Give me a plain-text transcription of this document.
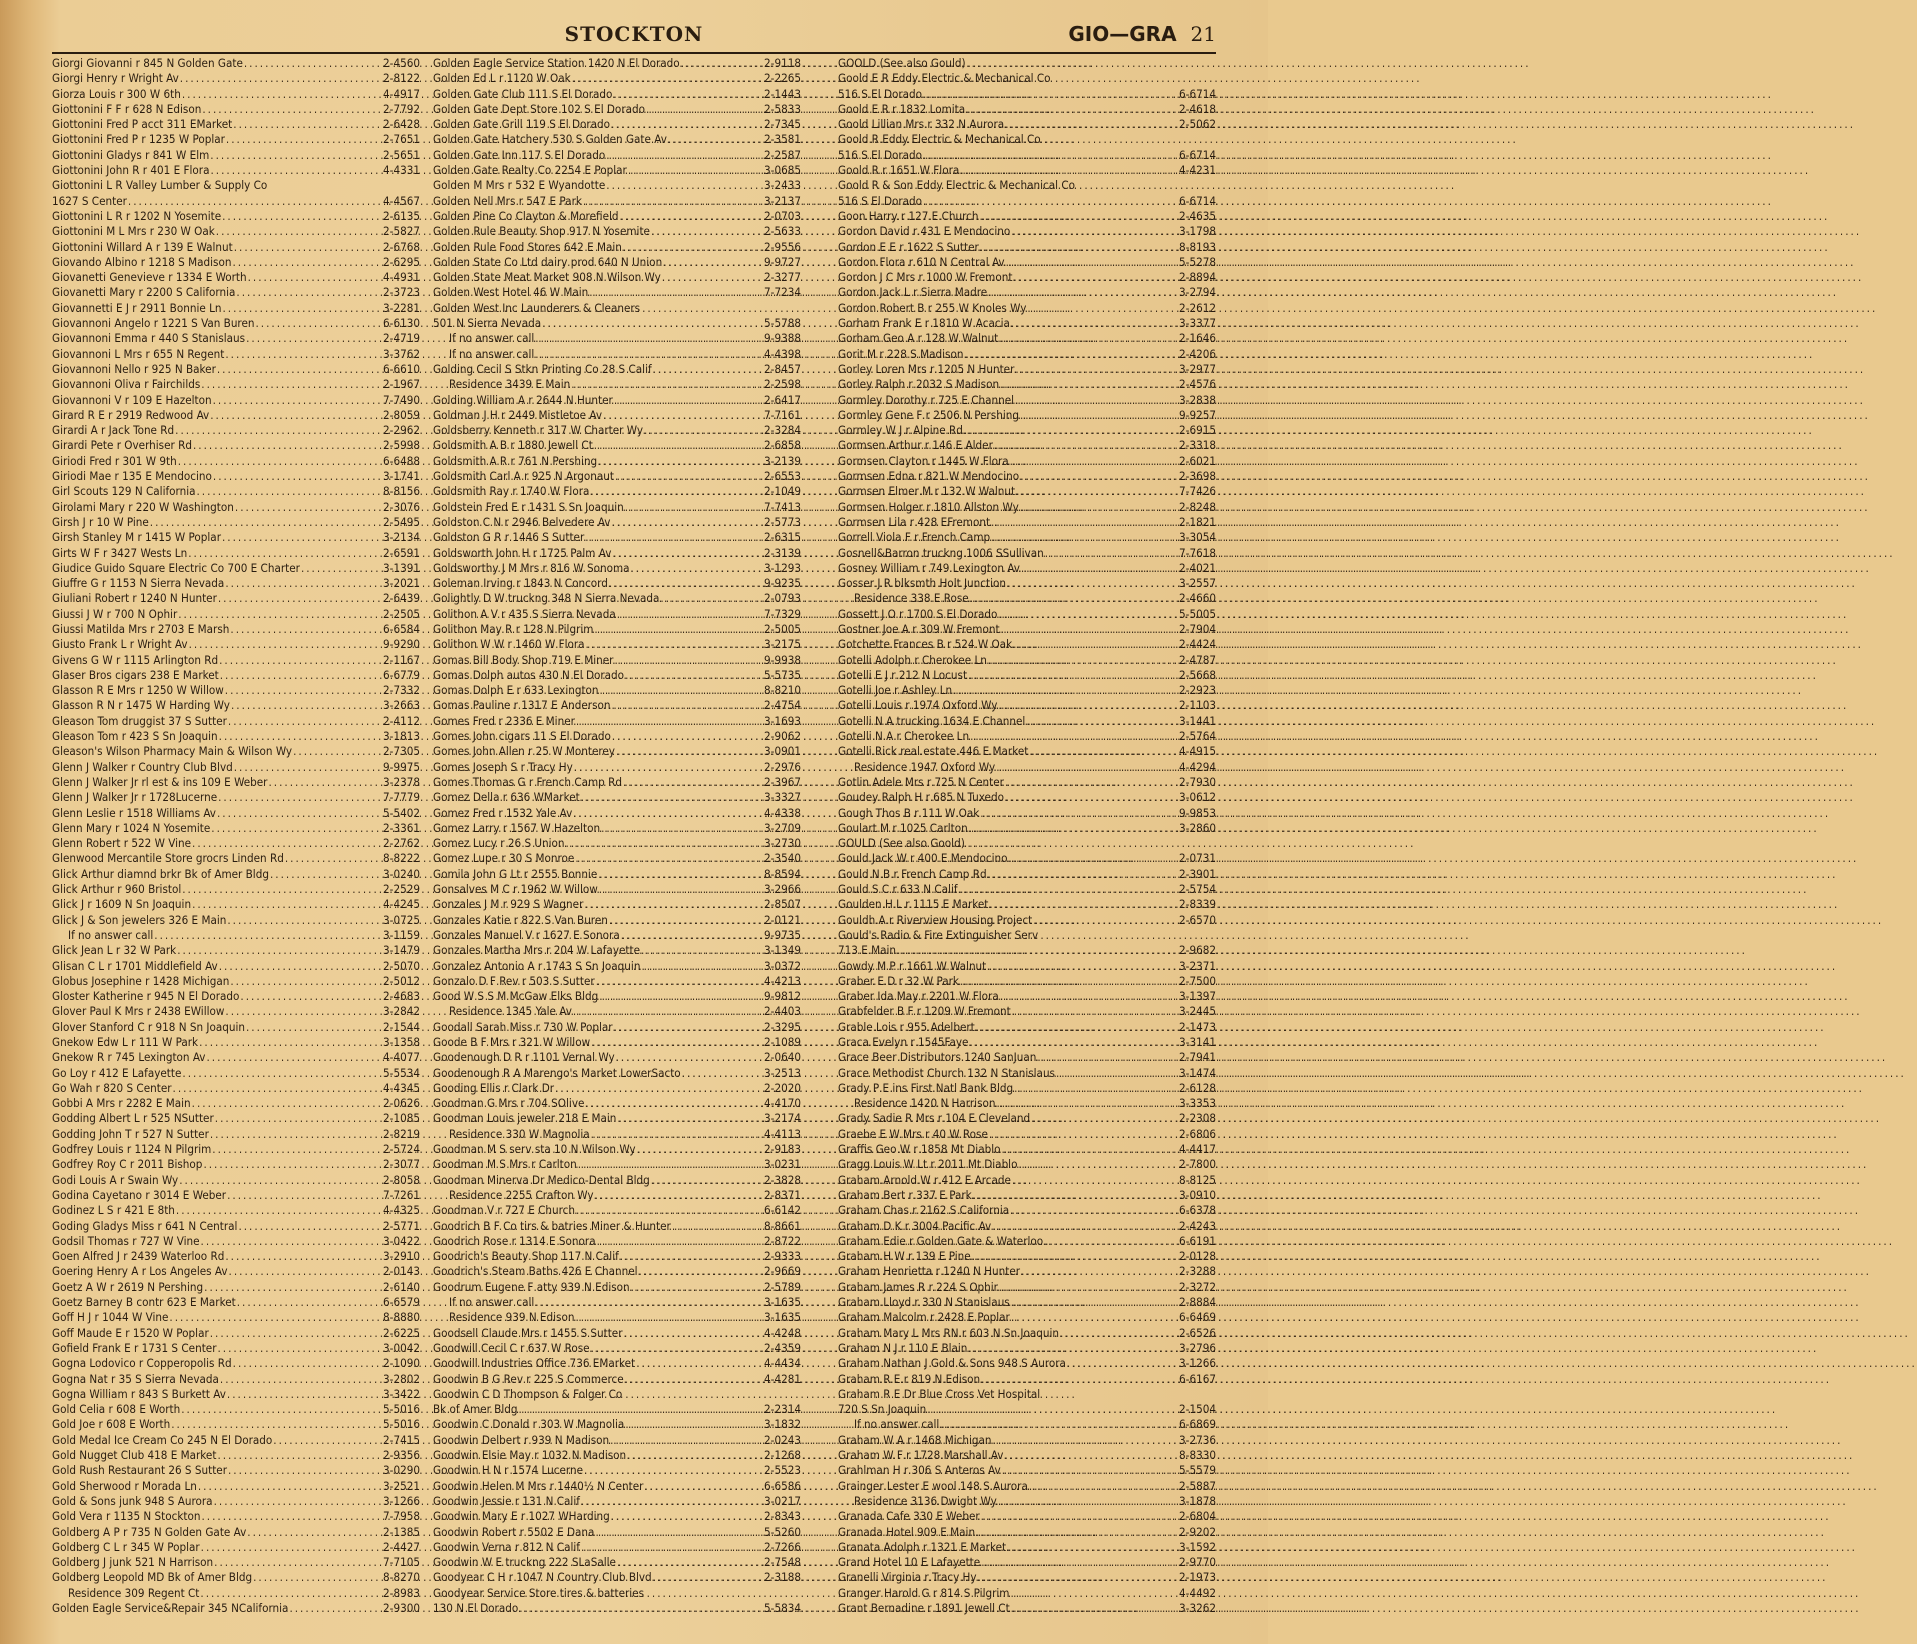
STOCKTON	GIO—GRA 21
Giorgi Giovanni r 845 N Golden Gate .....	2-4560
Giorgi Henry r Wright Av .....	2-8122
Giorza Louis r 300 W 6th .....	4-4917
Giottonini F F r 628 N Edison .....	2-7792
Giottonini Fred P acct 311 EMarket .....	2-6428
Giottonini Fred P r 1235 W Poplar .....	2-7651
Giottonini Gladys r 841 W Elm .....	2-5651
Giottonini John R r 401 E Flora .....	4-4331
Giottonini L R Valley Lumber & Supply Co
1627 S Center .....	4-4567
Giottonini L R r 1202 N Yosemite .....	2-6135
Giottonini M L Mrs r 230 W Oak .....	2-5827
Giottonini Willard A r 139 E Walnut .....	2-6768
Giovando Albino r 1218 S Madison .....	2-6295
Giovanetti Genevieve r 1334 E Worth .....	4-4931
Giovanetti Mary r 2200 S California .....	2-3723
Giovannetti E J r 2911 Bonnie Ln .....	3-2281
Giovannoni Angelo r 1221 S Van Buren .....	6-6130
Giovannoni Emma r 440 S Stanislaus .....	2-4719
Giovannoni L Mrs r 655 N Regent .....	3-3762
Giovannoni Nello r 925 N Baker .....	6-6610
Giovannoni Oliva r Fairchilds .....	2-1967
Giovannoni V r 109 E Hazelton .....	7-7490
Girard R E r 2919 Redwood Av .....	2-8059
Girardi A r Jack Tone Rd .....	2-2962
Girardi Pete r Overhiser Rd .....	2-5998
Giriodi Fred r 301 W 9th .....	6-6488
Giriodi Mae r 135 E Mendocino .....	3-1741
Girl Scouts 129 N California .....	8-8156
Girolami Mary r 220 W Washington .....	2-3076
Girsh J r 10 W Pine .....	2-5495
Girsh Stanley M r 1415 W Poplar .....	3-2134
Girts W F r 3427 Wests Ln .....	2-6591
Giudice Guido Square Electric Co 700 E Charter .....	3-1391
Giuffre G r 1153 N Sierra Nevada .....	3-2021
Giuliani Robert r 1240 N Hunter .....	2-6439
Giussi J W r 700 N Ophir .....	2-2505
Giussi Matilda Mrs r 2703 E Marsh .....	6-6584
Giusto Frank L r Wright Av .....	9-9290
Givens G W r 1115 Arlington Rd .....	2-1167
Glaser Bros cigars 238 E Market .....	6-6779
Glasson R E Mrs r 1250 W Willow .....	2-7332
Glasson R N r 1475 W Harding Wy .....	3-2663
Gleason Tom druggist 37 S Sutter .....	2-4112
Gleason Tom r 423 S Sn Joaquin .....	3-1813
Gleason's Wilson Pharmacy Main & Wilson Wy .....	2-7305
Glenn J Walker r Country Club Blvd .....	9-9975
Glenn J Walker Jr rl est & ins 109 E Weber .....	3-2378
Glenn J Walker Jr r 1728Lucerne .....	7-7779
Glenn Leslie r 1518 Williams Av .....	5-5402
Glenn Mary r 1024 N Yosemite .....	2-3361
Glenn Robert r 522 W Vine .....	2-2762
Glenwood Mercantile Store grocrs Linden Rd .....	8-8222
Glick Arthur diamnd brkr Bk of Amer Bldg .....	3-0240
Glick Arthur r 960 Bristol .....	2-2529
Glick J r 1609 N Sn Joaquin .....	4-4245
Glick J & Son jewelers 326 E Main .....	3-0725
If no answer call .....	3-1159
Glick Jean L r 32 W Park .....	3-1479
Glisan C L r 1701 Middlefield Av .....	2-5070
Globus Josephine r 1428 Michigan .....	2-5012
Gloster Katherine r 945 N El Dorado .....	2-4683
Glover Paul K Mrs r 2438 EWillow .....	3-2842
Glover Stanford C r 918 N Sn Joaquin .....	2-1544
Gnekow Edw L r 111 W Park .....	3-1358
Gnekow R r 745 Lexington Av .....	4-4077
Go Loy r 412 E Lafayette .....	5-5534
Go Wah r 820 S Center .....	4-4345
Gobbi A Mrs r 2282 E Main .....	2-0626
Godding Albert L r 525 NSutter .....	2-1085
Godding John T r 527 N Sutter .....	2-8219
Godfrey Louis r 1124 N Pilgrim .....	2-5724
Godfrey Roy C r 2011 Bishop .....	2-3077
Godi Louis A r Swain Wy .....	2-8058
Godina Cayetano r 3014 E Weber .....	7-7261
Godinez L S r 421 E 8th .....	4-4325
Goding Gladys Miss r 641 N Central .....	2-5771
Godsil Thomas r 727 W Vine .....	3-0422
Goen Alfred J r 2439 Waterloo Rd .....	3-2910
Goering Henry A r Los Angeles Av .....	2-0143
Goetz A W r 2619 N Pershing .....	2-6140
Goetz Barney B contr 623 E Market .....	6-6579
Goff H J r 1044 W Vine .....	8-8880
Goff Maude E r 1520 W Poplar .....	2-6225
Gofield Frank E r 1731 S Center .....	3-0042
Gogna Lodovico r Copperopolis Rd .....	2-1090
Gogna Nat r 35 S Sierra Nevada .....	3-2802
Gogna William r 843 S Burkett Av .....	3-3422
Gold Celia r 608 E Worth .....	5-5016
Gold Joe r 608 E Worth .....	5-5016
Gold Medal Ice Cream Co 245 N El Dorado .....	2-7415
Gold Nugget Club 418 E Market .....	2-9356
Gold Rush Restaurant 26 S Sutter .....	3-0290
Gold Sherwood r Morada Ln .....	3-2521
Gold & Sons junk 948 S Aurora .....	3-1266
Gold Vera r 1135 N Stockton .....	7-7958
Goldberg A P r 735 N Golden Gate Av .....	2-1385
Goldberg C L r 345 W Poplar .....	2-4427
Goldberg J junk 521 N Harrison .....	7-7105
Goldberg Leopold MD Bk of Amer Bldg .....	8-8270
Residence 309 Regent Ct .....	2-8983
Golden Eagle Service&Repair 345 NCalifornia .....	2-9300
Golden Eagle Service Station 1420 N El Dorado .....	2-9118
Golden Ed L r 1120 W Oak .....	2-2265
Golden Gate Club 111 S El Dorado .....	2-1443
Golden Gate Dept Store 102 S El Dorado .....	2-5833
Golden Gate Grill 119 S El Dorado .....	2-7345
Golden Gate Hatchery 530 S Golden Gate Av .....	2-3581
Golden Gate Inn 117 S El Dorado .....	2-2587
Golden Gate Realty Co 2254 E Poplar .....	3-0685
Golden M Mrs r 532 E Wyandotte .....	3-2433
Golden Nell Mrs r 547 E Park .....	3-2137
Golden Pine Co Clayton & Morefield .....	2-0703
Golden Rule Beauty Shop 917 N Yosemite .....	2-5633
Golden Rule Food Stores 642 E Main .....	2-9556
Golden State Co Ltd dairy prod 640 N Union .....	9-9727
Golden State Meat Market 908 N Wilson Wy .....	2-3277
Golden West Hotel 46 W Main .....	7-7234
Golden West Inc Launderers & Cleaners
501 N Sierra Nevada .....	5-5788
If no answer call .....	9-9388
If no answer call .....	4-4398
Golding Cecil S Stkn Printing Co 28 S Calif .....	2-8457
Residence 3439 E Main .....	2-2598
Golding William A r 2644 N Hunter .....	2-6417
Goldman J H r 2449 Mistletoe Av .....	7-7161
Goldsberry Kenneth r 317 W Charter Wy .....	2-3284
Goldsmith A B r 1880 Jewell Ct .....	2-6858
Goldsmith A R r 761 N Pershing .....	3-2139
Goldsmith Carl A r 925 N Argonaut .....	2-6553
Goldsmith Ray r 1740 W Flora .....	2-1049
Goldstein Fred E r 1431 S Sn Joaquin .....	7-7413
Goldston C N r 2946 Belvedere Av .....	2-5773
Goldston G R r 1446 S Sutter .....	2-6315
Goldsworth John H r 1725 Palm Av .....	2-3139
Goldsworthy J M Mrs r 816 W Sonoma .....	3-1293
Goleman Irving r 1843 N Concord .....	9-9235
Golightly D W truckng 348 N Sierra Nevada .....	2-0793
Golithon A V r 435 S Sierra Nevada .....	7-7329
Golithon May R r 128 N Pilgrim .....	2-5005
Golithon W W r 1460 W Flora .....	3-2175
Gomas Bill Body Shop 719 E Miner .....	9-9938
Gomas Dolph autos 430 N El Dorado .....	5-5735
Gomas Dolph E r 633 Lexington .....	8-8210
Gomas Pauline r 1317 E Anderson .....	2-4754
Gomes Fred r 2336 E Miner .....	3-1693
Gomes John cigars 11 S El Dorado .....	2-9062
Gomes John Allen r 25 W Monterey .....	3-0901
Gomes Joseph S r Tracy Hy .....	2-2976
Gomes Thomas G r French Camp Rd .....	2-3967
Gomez Della r 636 WMarket .....	3-3327
Gomez Fred r 1532 Yale Av .....	4-4338
Gomez Larry r 1567 W Hazelton .....	3-2709
Gomez Lucy r 26 S Union .....	3-2730
Gomez Lupe r 30 S Monroe .....	2-3540
Gomila John G Lt r 2555 Bonnie .....	8-8594
Gonsalves M C r 1962 W Willow .....	3-2966
Gonzales J M r 929 S Wagner .....	2-8507
Gonzales Katie r 822 S Van Buren .....	2-0121
Gonzales Manuel V r 1627 E Sonora .....	9-9735
Gonzales Martha Mrs r 204 W Lafayette .....	3-1349
Gonzalez Antonio A r 1743 S Sn Joaquin .....	3-0372
Gonzalo D F Rev r 503 S Sutter .....	4-4213
Good W S S M McGaw Elks Bldg .....	9-9812
Residence 1345 Yale Av .....	2-4403
Goodall Sarah Miss r 730 W Poplar .....	2-3295
Goode B F Mrs r 321 W Willow .....	2-1089
Goodenough D R r 1101 Vernal Wy .....	2-0640
Goodenough R A Marengo's Market LowerSacto .....	3-2513
Gooding Ellis r Clark Dr .....	2-2020
Goodman G Mrs r 704 SOlive .....	4-4170
Goodman Louis jeweler 218 E Main .....	3-2174
Residence 330 W Magnolia .....	4-4113
Goodman M S serv sta 10 N Wilson Wy .....	2-9183
Goodman M S Mrs r Carlton .....	3-0231
Goodman Minerva Dr Medico-Dental Bldg .....	2-3828
Residence 2255 Crafton Wy .....	2-8371
Goodman V r 727 E Church .....	6-6142
Goodrich B F Co tirs & batries Miner & Hunter .....	8-8661
Goodrich Rose r 1314 E Sonora .....	2-8722
Goodrich's Beauty Shop 117 N Calif .....	2-9333
Goodrich's Steam Baths 426 E Channel .....	2-9669
Goodrum Eugene F atty 939 N Edison .....	2-5789
If no answer call .....	3-1635
Residence 939 N Edison .....	3-1635
Goodsell Claude Mrs r 1455 S Sutter .....	4-4248
Goodwill Cecil C r 637 W Rose .....	2-4359
Goodwill Industries Office 736 EMarket .....	4-4434
Goodwin B G Rev r 225 S Commerce .....	4-4281
Goodwin C D Thompson & Folger Co
Bk of Amer Bldg .....	2-2314
Goodwin C Donald r 303 W Magnolia .....	3-1832
Goodwin Delbert r 939 N Madison .....	2-0243
Goodwin Elsie May r 1032 N Madison .....	2-1268
Goodwin H N r 1574 Lucerne .....	2-5523
Goodwin Helen M Mrs r 1440½ N Center .....	6-6586
Goodwin Jessie r 131 N Calif .....	3-0217
Goodwin Mary E r 1027 WHarding .....	2-8343
Goodwin Robert r 5502 E Dana .....	5-5260
Goodwin Verna r 812 N Calif .....	2-7266
Goodwin W E truckng 222 SLaSalle .....	2-7548
Goodyear C H r 1047 N Country Club Blvd .....	2-3188
Goodyear Service Store tires & batteries
130 N El Dorado .....	5-5834
GOOLD (See also Gould)
Goold E R Eddy Electric & Mechanical Co
516 S El Dorado .....	6-6714
Goold E R r 1832 Lomita .....	2-4618
Goold Lillian Mrs r 332 N Aurora .....	2-5062
Goold R Eddy Electric & Mechanical Co
516 S El Dorado .....	6-6714
Goold R r 1651 W Flora .....	4-4231
Goold R & Son Eddy Electric & Mechanical Co
516 S El Dorado .....	6-6714
Goon Harry r 127 E Church .....	2-4635
Gordon David r 431 E Mendocino .....	3-1798
Gordon E E r 1622 S Sutter .....	8-8193
Gordon Flora r 610 N Central Av .....	5-5278
Gordon J C Mrs r 1000 W Fremont .....	2-8894
Gordon Jack L r Sierra Madre .....	3-2794
Gordon Robert B r 255 W Knoles Wy .....	2-2612
Gorham Frank E r 1810 W Acacia .....	3-3377
Gorham Geo A r 128 W Walnut .....	2-1646
Gorit M r 228 S Madison .....	2-4206
Gorley Loren Mrs r 1205 N Hunter .....	3-2977
Gorley Ralph r 2032 S Madison .....	2-4576
Gormley Dorothy r 725 E Channel .....	3-2838
Gormley Gene F r 2506 N Pershing .....	9-9257
Gormley W J r Alpine Rd .....	2-6915
Gormsen Arthur r 146 E Alder .....	2-3318
Gormsen Clayton r 1445 W Flora .....	2-6021
Gormsen Edna r 821 W Mendocino .....	2-3698
Gormsen Elmer M r 132 W Walnut .....	7-7426
Gormsen Holger r 1810 Allston Wy .....	2-8248
Gormsen Lila r 428 EFremont .....	2-1821
Gorrell Viola F r French Camp .....	3-3054
Gosnell&Barron truckng 1006 SSullivan .....	7-7618
Gosney William r 749 Lexington Av .....	2-4021
Gosser J R blksmth Holt Junction .....	3-2557
Residence 338 E Rose .....	2-4660
Gossett J O r 1700 S El Dorado .....	5-5005
Gostner Joe A r 309 W Fremont .....	2-7904
Gotchette Frances B r 524 W Oak .....	2-4424
Gotelli Adolph r Cherokee Ln .....	2-4787
Gotelli E J r 212 N Locust .....	2-5668
Gotelli Joe r Ashley Ln .....	2-2923
Gotelli Louis r 1974 Oxford Wy .....	2-1103
Gotelli N A trucking 1634 E Channel .....	3-1441
Gotelli N A r Cherokee Ln .....	2-5764
Gotelli Rick real estate 446 E Market .....	4-4915
Residence 1947 Oxford Wy .....	4-4294
Gotlin Adele Mrs r 725 N Center .....	2-7930
Goudey Ralph H r 685 N Tuxedo .....	3-0612
Gough Thos B r 111 W Oak .....	9-9853
Goulart M r 1025 Carlton .....	3-2860
GOULD (See also Goold)
Gould Jack W r 400 E Mendocino .....	2-0731
Gould N B r French Camp Rd .....	2-3901
Gould S C r 633 N Calif .....	2-5754
Goulden H L r 1115 E Market .....	2-8339
Gouldh A r Riverview Housing Project .....	2-6570
Gould's Radio & Fire Extinguisher Serv
713 E Main .....	2-9682
Gowdy M P r 1661 W Walnut .....	3-2371
Graber E D r 32 W Park .....	2-7500
Graber Ida May r 2201 W Flora .....	3-1397
Grabfelder B F r 1209 W Fremont .....	3-2445
Grable Lois r 955 Adelbert .....	2-1473
Graca Evelyn r 1545Faye .....	3-3141
Grace Beer Distributors 1240 SanJuan .....	2-7941
Grace Methodist Church 132 N Stanislaus .....	3-1474
Grady P E ins First Natl Bank Bldg .....	2-6128
Residence 1420 N Harrison .....	3-3353
Grady Sadie R Mrs r 104 E Cleveland .....	2-2308
Graebe E W Mrs r 40 W Rose .....	2-6806
Graffis Geo W r 1858 Mt Diablo .....	4-4417
Gragg Louis W Lt r 2011 Mt Diablo .....	2-7800
Graham Arnold W r 412 E Arcade .....	8-8125
Graham Bert r 337 E Park .....	3-0910
Graham Chas r 2162 S California .....	6-6378
Graham D K r 3004 Pacific Av .....	2-4243
Graham Edie r Golden Gate & Waterloo .....	6-6191
Graham H W r 139 E Pine .....	2-0128
Graham Henrietta r 1240 N Hunter .....	2-3288
Graham James R r 224 S Ophir .....	2-3272
Graham Lloyd r 330 N Stanislaus .....	2-8884
Graham Malcolm r 2428 E Poplar .....	6-6469
Graham Mary L Mrs RN r 603 N Sn Joaquin .....	2-6526
Graham N J r 110 E Blain .....	3-2796
Graham Nathan J Gold & Sons 948 S Aurora .....	3-1266
Graham R E r 819 N Edison .....	6-6167
Graham R E Dr Blue Cross Vet Hospital
720 S Sn Joaquin .....	2-1504
If no answer call .....	6-6869
Graham W A r 1468 Michigan .....	3-2736
Graham W F r 1728 Marshall Av .....	8-8330
Grahlman H r 306 S Anteros Av .....	5-5579
Grainger Lester E wool 148 S Aurora .....	2-5887
Residence 3136 Dwight Wy .....	3-1878
Granada Cafe 330 E Weber .....	2-6804
Granada Hotel 909 E Main .....	2-9202
Granata Adolph r 1321 E Market .....	3-1592
Grand Hotel 10 E Lafayette .....	2-9770
Granelli Virginia r Tracy Hy .....	2-1973
Granger Harold G r 814 S Pilgrim .....	4-4492
Grant Bernadine r 1891 Jewell Ct .....	3-3262
